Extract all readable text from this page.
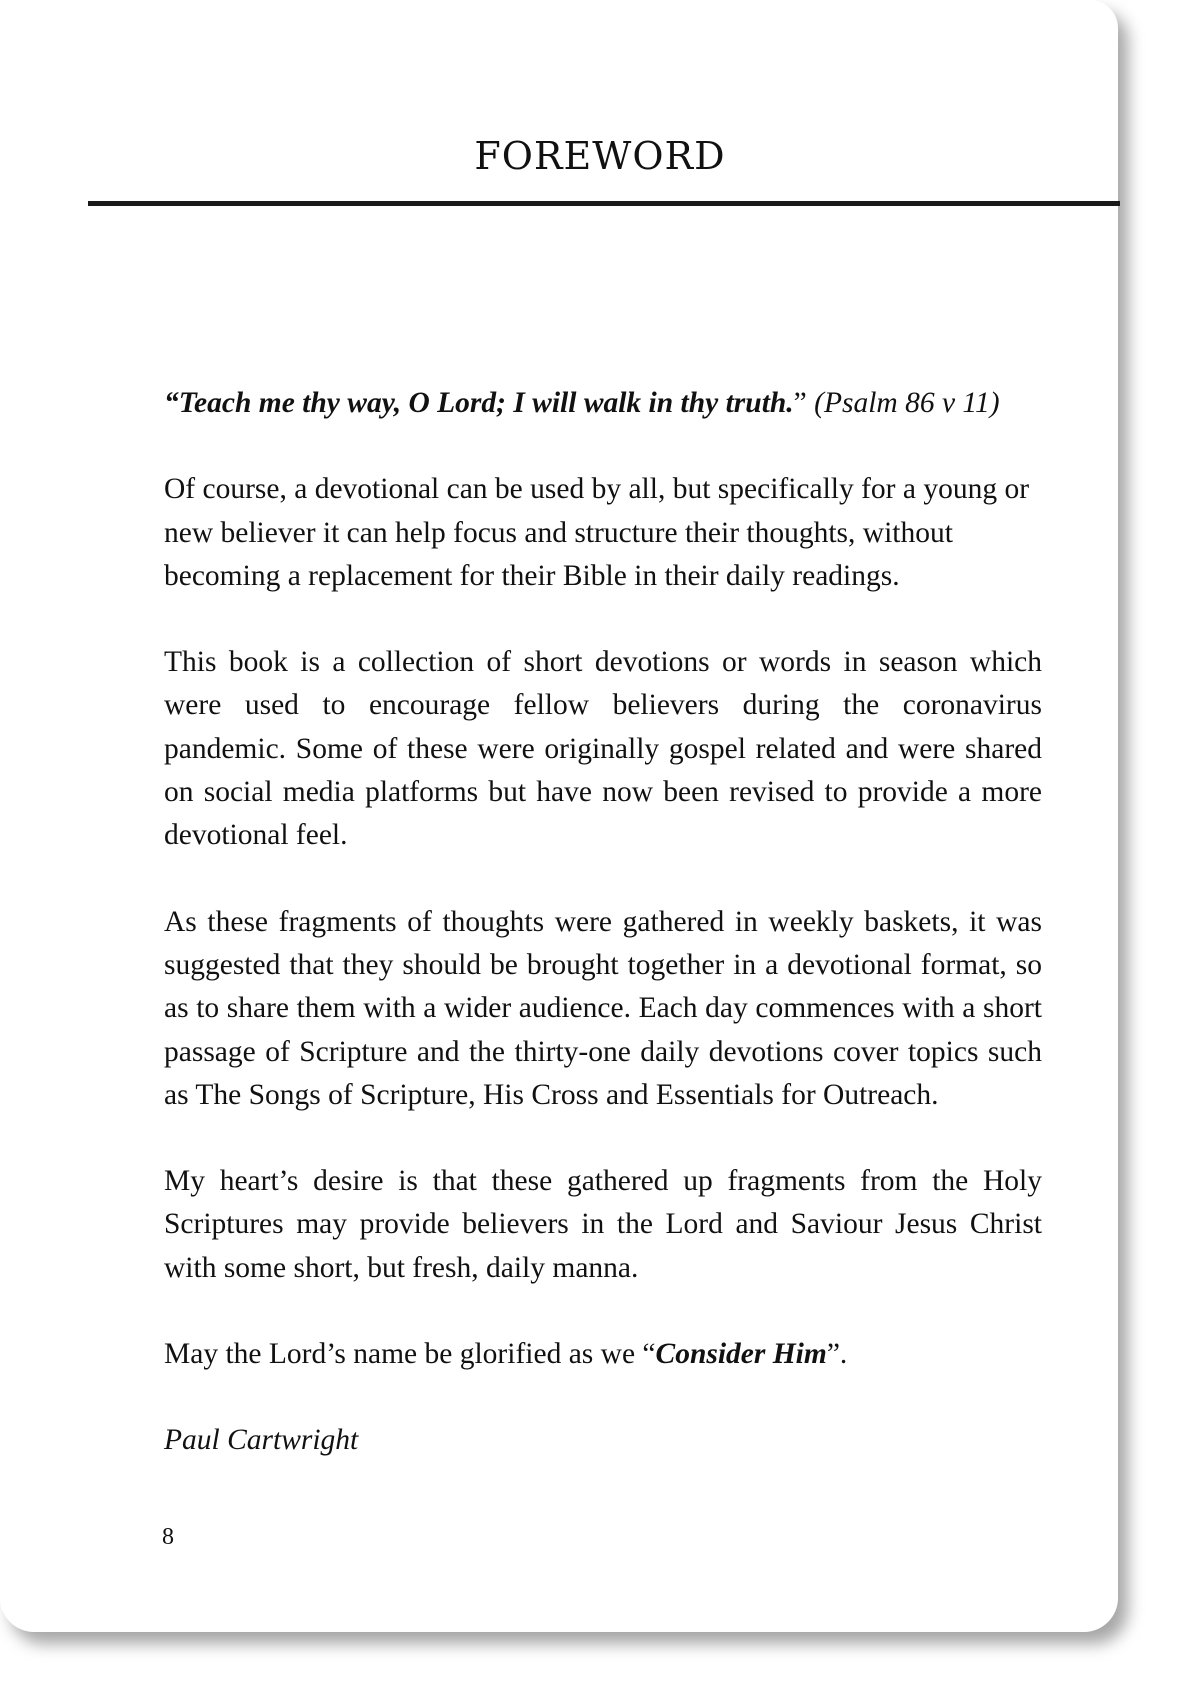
FOREWORD

“Teach me thy way, O Lord; I will walk in thy truth.” (Psalm 86 v 11)

Of course, a devotional can be used by all, but specifically for a young or new believer it can help focus and structure their thoughts, without becoming a replacement for their Bible in their daily readings.

This book is a collection of short devotions or words in season which were used to encourage fellow believers during the coronavirus pandemic. Some of these were originally gospel related and were shared on social media platforms but have now been revised to provide a more devotional feel.

As these fragments of thoughts were gathered in weekly baskets, it was suggested that they should be brought together in a devotional format, so as to share them with a wider audience. Each day commences with a short passage of Scripture and the thirty-one daily devotions cover topics such as The Songs of Scripture, His Cross and Essentials for Outreach.

My heart’s desire is that these gathered up fragments from the Holy Scriptures may provide believers in the Lord and Saviour Jesus Christ with some short, but fresh, daily manna.

May the Lord’s name be glorified as we “Consider Him”.

Paul Cartwright

8
